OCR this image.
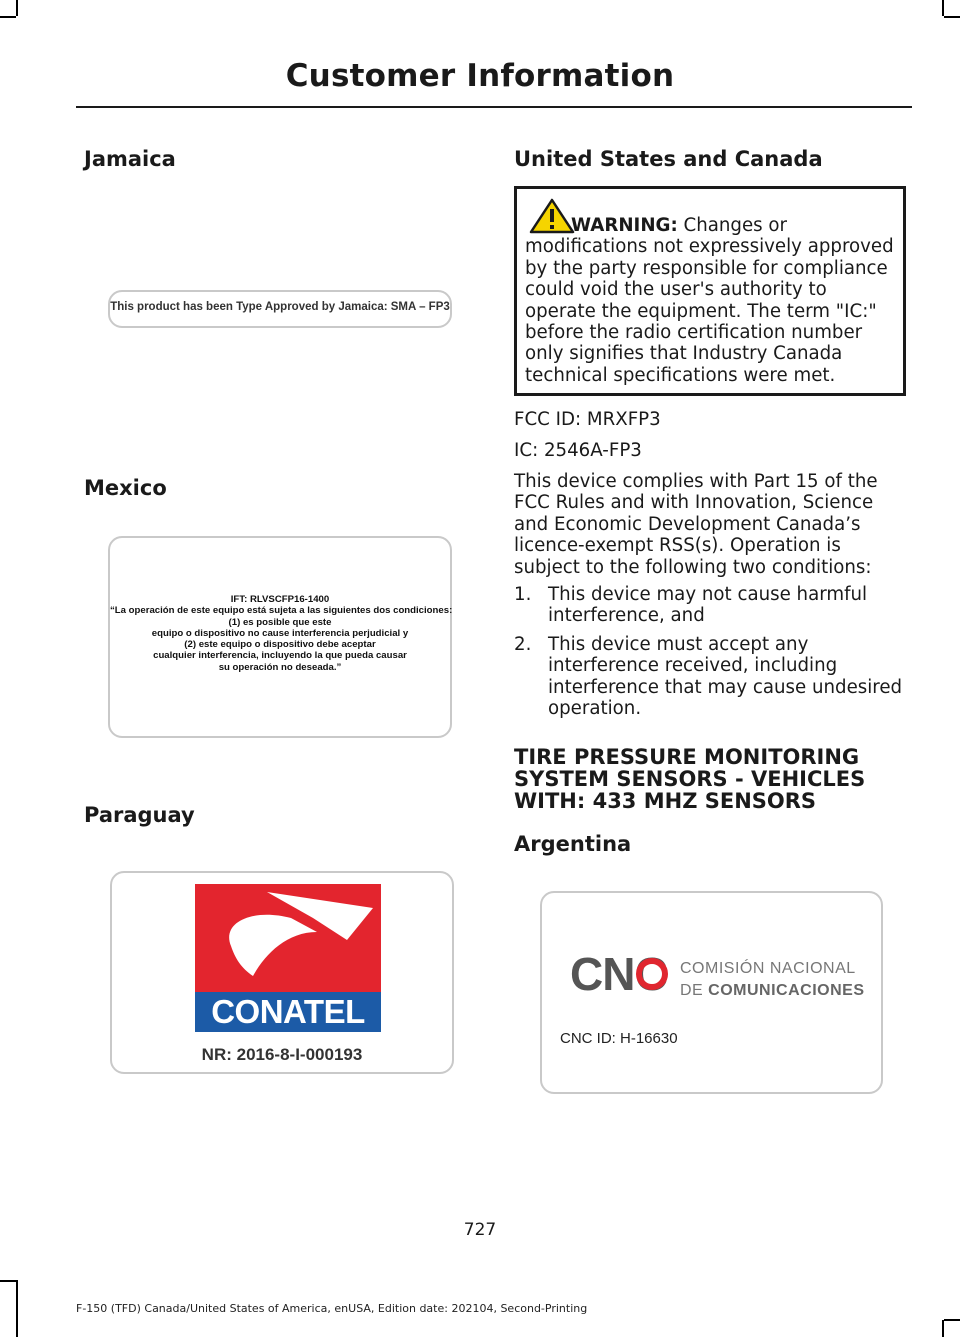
Customer Information
Jamaica
This product has been Type Approved by Jamaica: SMA – FP3
Mexico
IFT: RLVSCFP16-1400
“La operación de este equipo está sujeta a las siguientes dos condiciones:
(1) es posible que este
equipo o dispositivo no cause interferencia perjudicial y
(2) este equipo o dispositivo debe aceptar
cualquier interferencia, incluyendo la que pueda causar
su operación no deseada.”
Paraguay
CONATEL
NR: 2016-8-I-000193
United States and Canada
WARNING: Changes or modifications not expressively approved by the party responsible for compliance could void the user's authority to operate the equipment. The term "IC:" before the radio certification number only signifies that Industry Canada technical specifications were met.

FCC ID: MRXFP3

IC: 2546A-FP3

This device complies with Part 15 of the FCC Rules and with Innovation, Science and Economic Development Canada’s licence-exempt RSS(s). Operation is subject to the following two conditions:

1. This device may not cause harmful interference, and
2. This device must accept any interference received, including interference that may cause undesired operation.
TIRE PRESSURE MONITORING SYSTEM SENSORS - VEHICLES WITH: 433 MHZ SENSORS
Argentina
CNC COMISIÓN NACIONAL
DE COMUNICACIONES
CNC ID: H-16630
727
F-150 (TFD) Canada/United States of America, enUSA, Edition date: 202104, Second-Printing
